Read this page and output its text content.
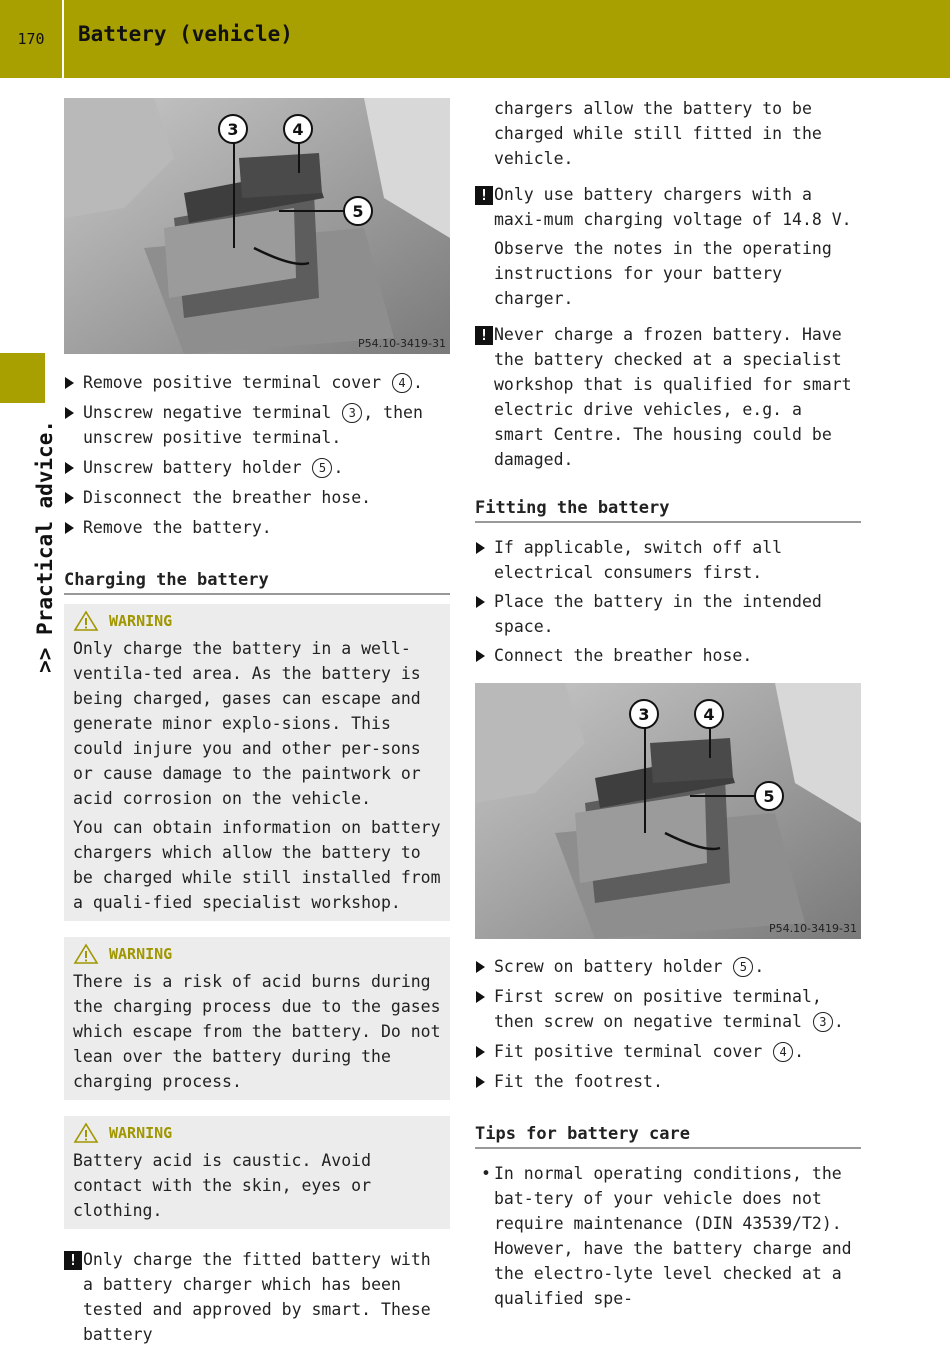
170	Battery (vehicle)
>> Practical advice.
3	4
5
P54.10-3419-31

Remove positive terminal cover 4 .

Unscrew negative terminal 3 , then unscrew positive terminal.

Unscrew battery holder 5 .

Disconnect the breather hose.

Remove the battery.

Charging the battery
WARNING

Only charge the battery in a well-ventila-ted area. As the battery is being charged, gases can escape and generate minor explo-sions. This could injure you and other per-sons or cause damage to the paintwork or acid corrosion on the vehicle.

You can obtain information on battery chargers which allow the battery to be charged while still installed from a quali-fied specialist workshop.

WARNING

There is a risk of acid burns during the charging process due to the gases which escape from the battery. Do not lean over the battery during the charging process.

WARNING

Battery acid is caustic. Avoid contact with the skin, eyes or clothing.

! Only charge the fitted battery with a battery charger which has been tested and approved by smart. These battery

chargers allow the battery to be charged while still fitted in the vehicle.

! Only use battery chargers with a maxi-mum charging voltage of 14.8 V.

Observe the notes in the operating instructions for your battery charger.

! Never charge a frozen battery. Have the battery checked at a specialist workshop that is qualified for smart electric drive vehicles, e.g. a smart Centre. The housing could be damaged.

Fitting the battery

If applicable, switch off all electrical consumers first.

Place the battery in the intended space.

Connect the breather hose.

3	4
5
P54.10-3419-31

Screw on battery holder 5 .

First screw on positive terminal, then screw on negative terminal 3 .

Fit positive terminal cover 4 .

Fit the footrest.

Tips for battery care

• In normal operating conditions, the bat-tery of your vehicle does not require maintenance (DIN 43539/T2). However, have the battery charge and the electro-lyte level checked at a qualified spe-
